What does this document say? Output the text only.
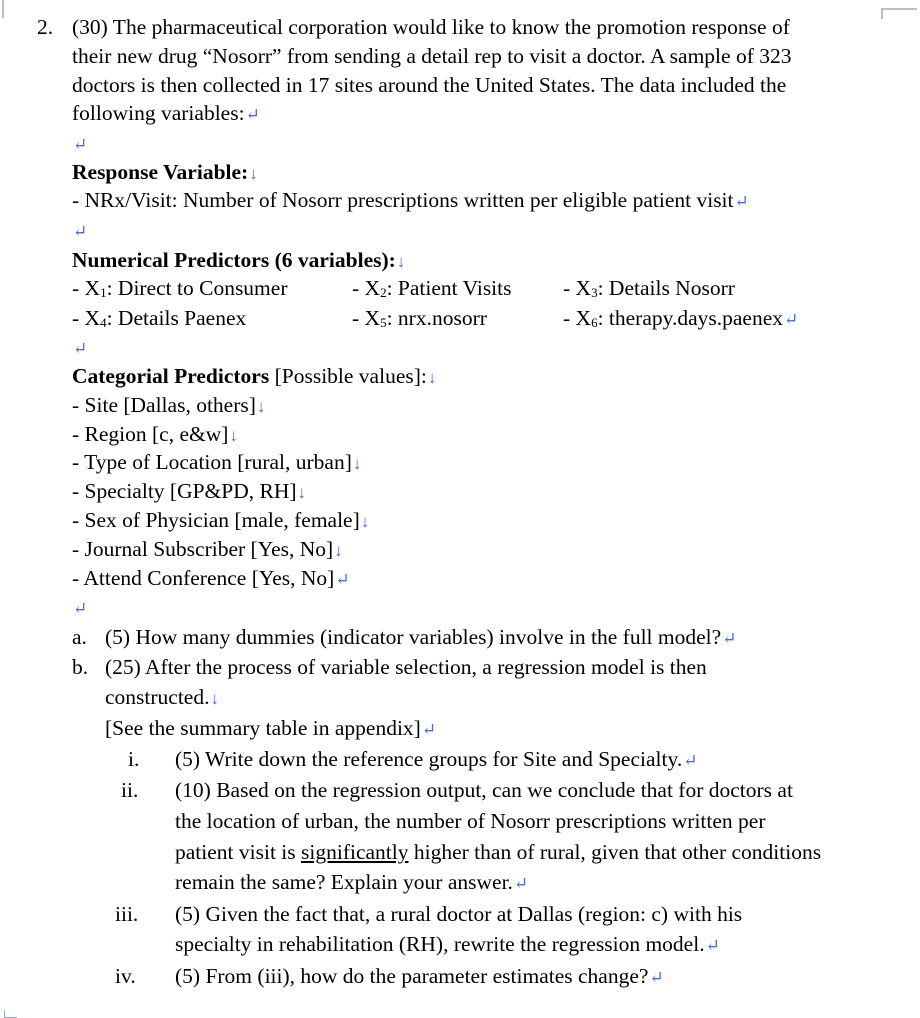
2. (30) The pharmaceutical corporation would like to know the promotion response of
their new drug “Nosorr” from sending a detail rep to visit a doctor. A sample of 323
doctors is then collected in 17 sites around the United States. The data included the
following variables:↵
↵
Response Variable:↓
- NRx/Visit: Number of Nosorr prescriptions written per eligible patient visit↵
↵
Numerical Predictors (6 variables):↓
- $X_1$: Direct to Consumer	- $X_2$: Patient Visits - $X_3$: Details Nosorr
- $X_4$: Details Paenex	- $X_5$: nrx.nosorr	- $X_6$: therapy.days.paenex↵
↵
Categorial Predictors [Possible values]:↓
- Site [Dallas, others]↓
- Region [c, e&w]↓
- Type of Location [rural, urban]↓
- Specialty [GP&PD, RH]↓
- Sex of Physician [male, female]↓
- Journal Subscriber [Yes, No]↓
- Attend Conference [Yes, No]↵
↵
a. (5) How many dummies (indicator variables) involve in the full model?↵
b. (25) After the process of variable selection, a regression model is then
constructed.↓
[See the summary table in appendix]↵
i. (5) Write down the reference groups for Site and Specialty.↵
ii. (10) Based on the regression output, can we conclude that for doctors at
the location of urban, the number of Nosorr prescriptions written per
patient visit is significantly higher than of rural, given that other conditions
remain the same? Explain your answer.↵
iii. (5) Given the fact that, a rural doctor at Dallas (region: c) with his
specialty in rehabilitation (RH), rewrite the regression model.↵
iv. (5) From (iii), how do the parameter estimates change?↵
